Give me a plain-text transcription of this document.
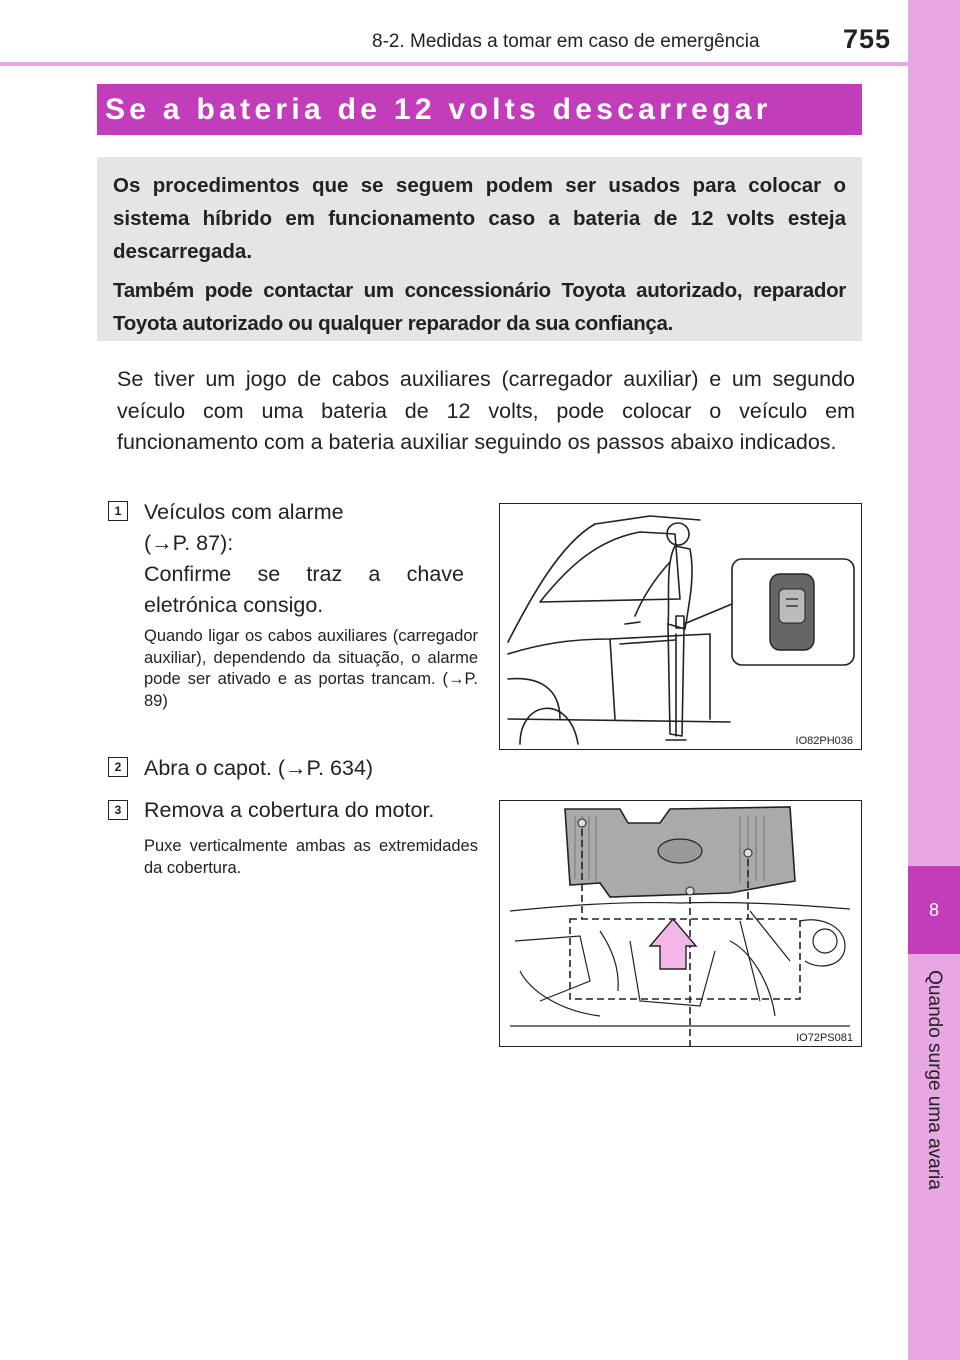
8-2. Medidas a tomar em caso de emergência	755
8
Quando surge uma avaria
Se a bateria de 12 volts descarregar

Os procedimentos que se seguem podem ser usados para colocar o sistema híbrido em funcionamento caso a bateria de 12 volts esteja descarregada.

Também pode contactar um concessionário Toyota autorizado, reparador Toyota autorizado ou qualquer reparador da sua confiança.

Se tiver um jogo de cabos auxiliares (carregador auxiliar) e um segundo veículo com uma bateria de 12 volts, pode colocar o veículo em funcionamento com a bateria auxiliar seguindo os passos abaixo indicados.

1	Veículos com alarme

(→P. 87):

Confirme se traz a chave eletrónica consigo.

Quando ligar os cabos auxiliares (carregador auxiliar), dependendo da situação, o alarme pode ser ativado e as portas trancam. (→P. 89)

IO82PH036
2	Abra o capot. (→P. 634)

3	Remova a cobertura do motor.

Puxe verticalmente ambas as extremidades da cobertura.

IO72PS081
